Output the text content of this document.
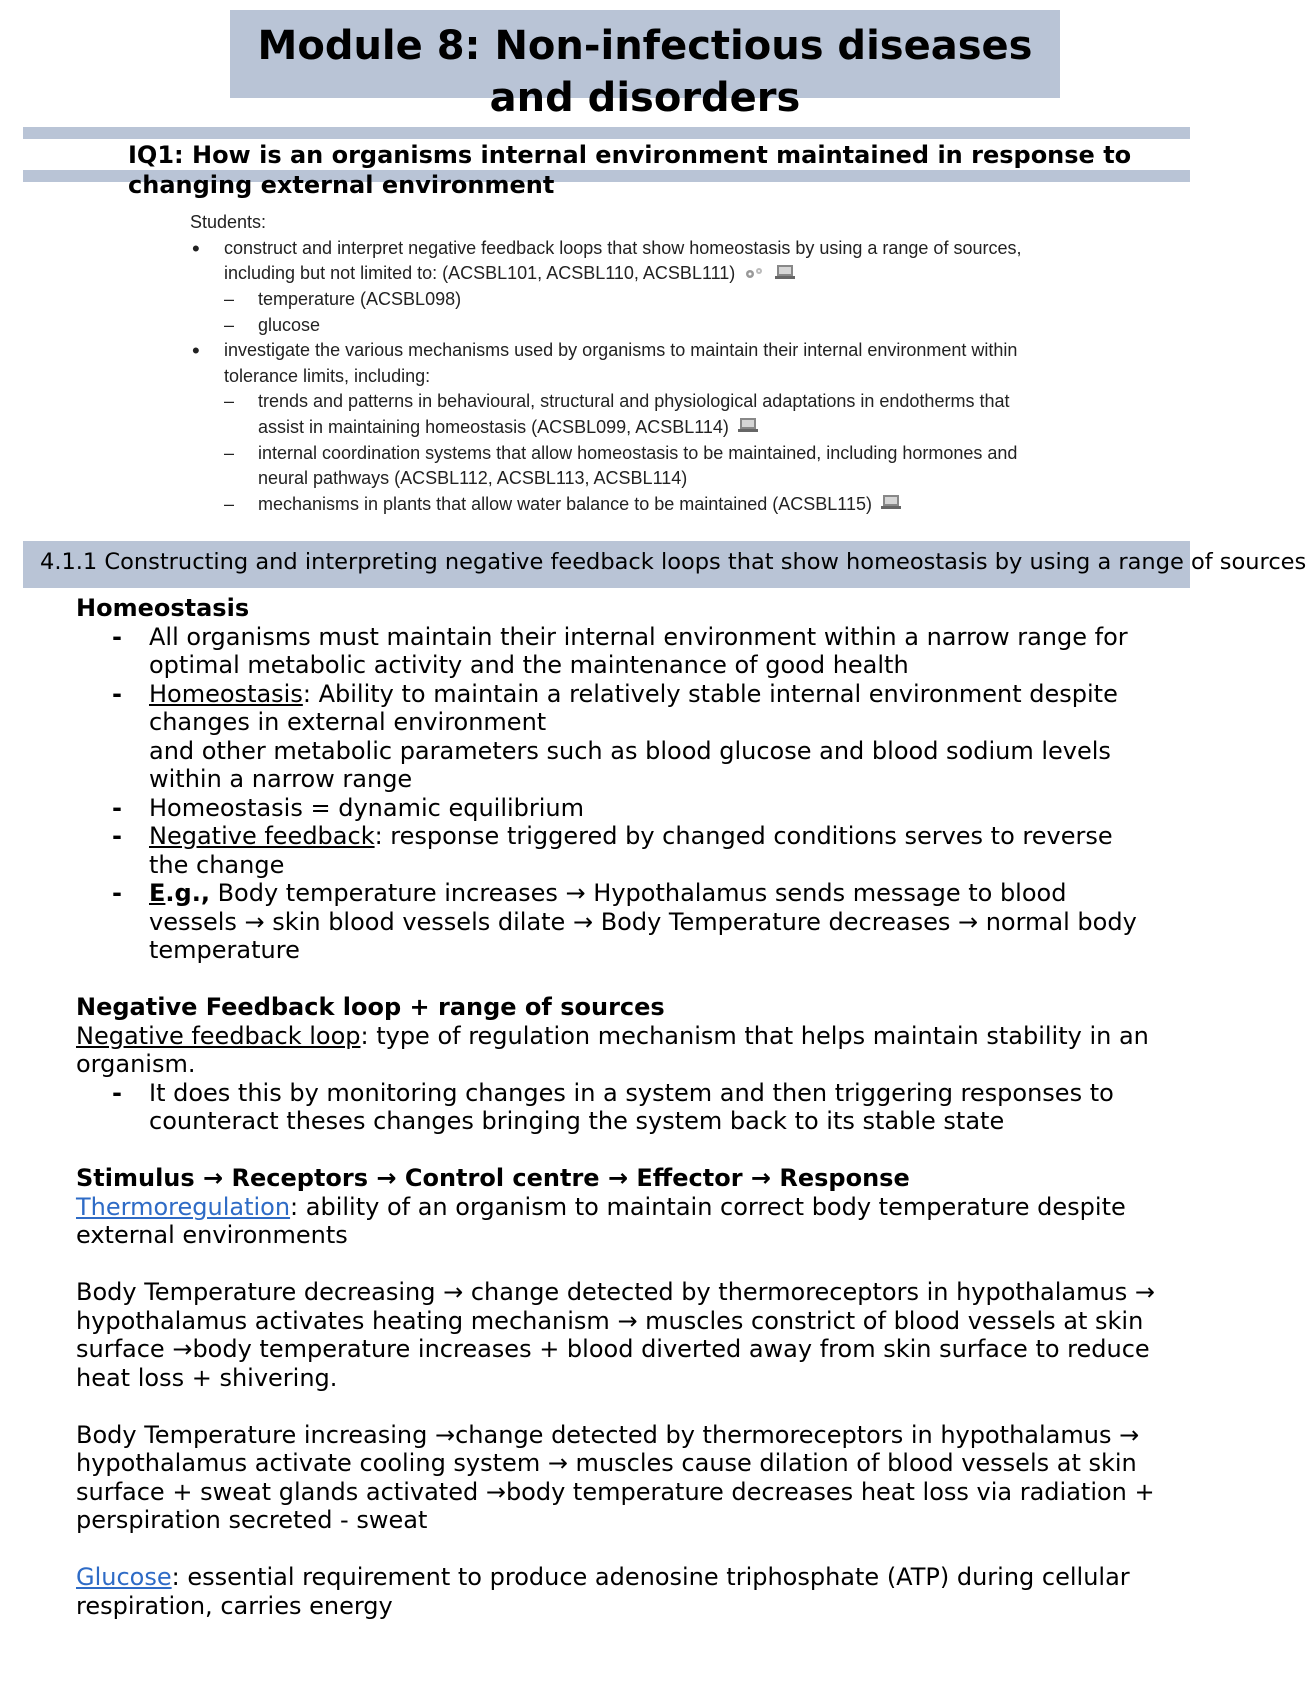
Module 8: Non-infectious diseases and disorders
IQ1: How is an organisms internal environment maintained in response to changing external environment

Students:

• construct and interpret negative feedback loops that show homeostasis by using a range of sources, including but not limited to: (ACSBL101, ACSBL110, ACSBL111)
– temperature (ACSBL098)
– glucose
• investigate the various mechanisms used by organisms to maintain their internal environment within tolerance limits, including:
– trends and patterns in behavioural, structural and physiological adaptations in endotherms that assist in maintaining homeostasis (ACSBL099, ACSBL114)
– internal coordination systems that allow homeostasis to be maintained, including hormones and neural pathways (ACSBL112, ACSBL113, ACSBL114)
– mechanisms in plants that allow water balance to be maintained (ACSBL115)
4.1.1 Constructing and interpreting negative feedback loops that show homeostasis by using a range of sources

Homeostasis

- All organisms must maintain their internal environment within a narrow range for optimal metabolic activity and the maintenance of good health
- Homeostasis: Ability to maintain a relatively stable internal environment despite changes in external environment
and other metabolic parameters such as blood glucose and blood sodium levels within a narrow range
- Homeostasis = dynamic equilibrium
- Negative feedback: response triggered by changed conditions serves to reverse the change
- E.g., Body temperature increases → Hypothalamus sends message to blood vessels → skin blood vessels dilate → Body Temperature decreases → normal body temperature

Negative Feedback loop + range of sources

Negative feedback loop: type of regulation mechanism that helps maintain stability in an organism.

- It does this by monitoring changes in a system and then triggering responses to counteract theses changes bringing the system back to its stable state

Stimulus → Receptors → Control centre → Effector → Response

Thermoregulation: ability of an organism to maintain correct body temperature despite external environments

Body Temperature decreasing → change detected by thermoreceptors in hypothalamus → hypothalamus activates heating mechanism → muscles constrict of blood vessels at skin surface →body temperature increases + blood diverted away from skin surface to reduce heat loss + shivering.

Body Temperature increasing →change detected by thermoreceptors in hypothalamus → hypothalamus activate cooling system → muscles cause dilation of blood vessels at skin surface + sweat glands activated →body temperature decreases heat loss via radiation + perspiration secreted - sweat

Glucose: essential requirement to produce adenosine triphosphate (ATP) during cellular respiration, carries energy
